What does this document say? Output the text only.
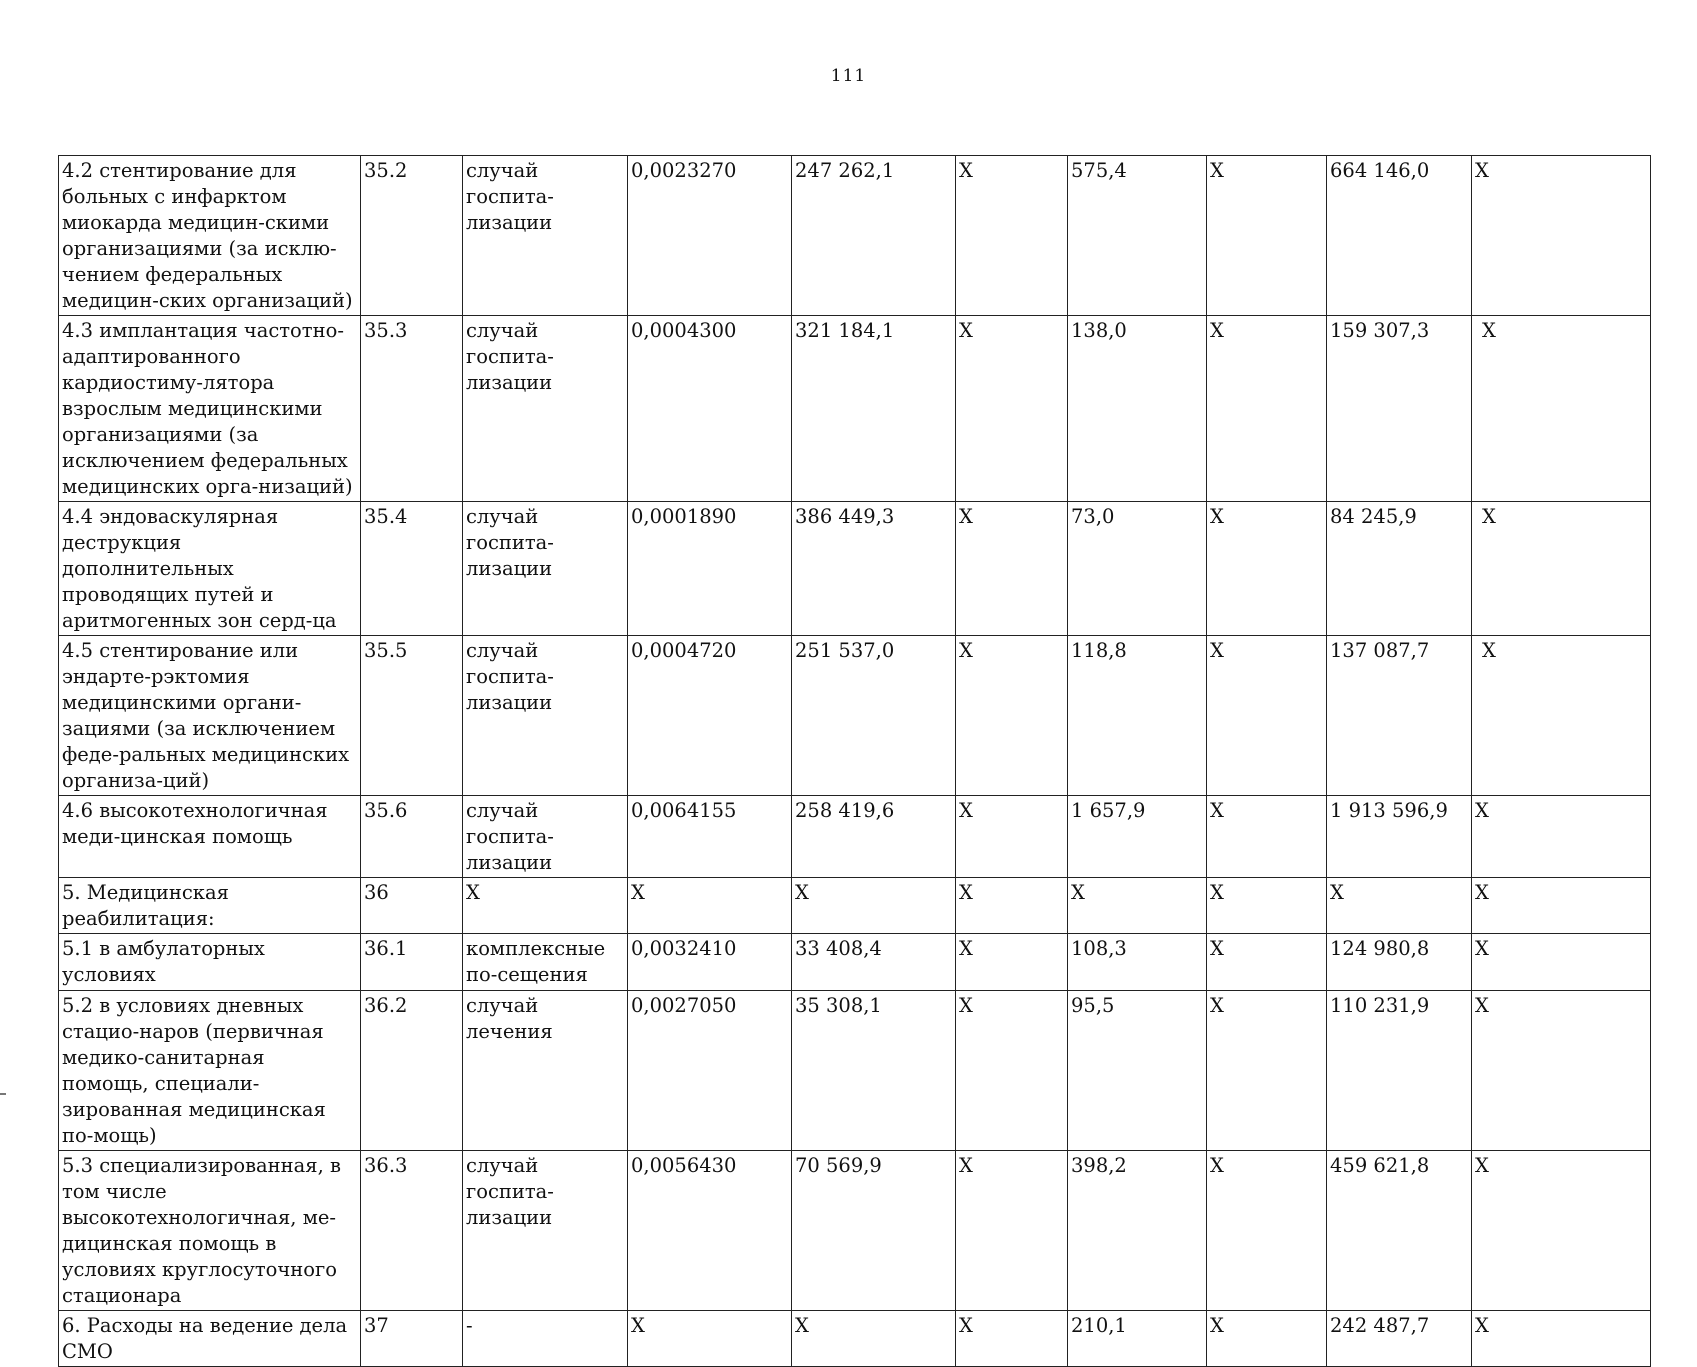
111
4.2 стентирование для больных с инфарктом миокарда медицин-скими организациями (за исклю-чением федеральных медицин-ских организаций)	35.2	случай госпита-лизации	0,0023270	247 262,1	X	575,4	X	664 146,0	X
4.3 имплантация частотно-адаптированного кардиостиму-лятора взрослым медицинскими организациями (за исключением федеральных медицинских орга-низаций)	35.3	случай госпита-лизации	0,0004300	321 184,1	X	138,0	X	159 307,3	X
4.4 эндоваскулярная деструкция дополнительных проводящих путей и аритмогенных зон серд-ца	35.4	случай госпита-лизации	0,0001890	386 449,3	X	73,0	X	84 245,9	X
4.5 стентирование или эндарте-рэктомия медицинскими органи-зациями (за исключением феде-ральных медицинских организа-ций)	35.5	случай госпита-лизации	0,0004720	251 537,0	X	118,8	X	137 087,7	X
4.6 высокотехнологичная меди-цинская помощь	35.6	случай госпита-лизации	0,0064155	258 419,6	X	1 657,9	X	1 913 596,9	X
5. Медицинская реабилитация:	36	X	X	X	X	X	X	X	X
5.1 в амбулаторных условиях	36.1	комплексные по-сещения	0,0032410	33 408,4	X	108,3	X	124 980,8	X
5.2 в условиях дневных стацио-наров (первичная медико-санитарная помощь, специали-зированная медицинская по-мощь)	36.2	случай лечения	0,0027050	35 308,1	X	95,5	X	110 231,9	X
5.3 специализированная, в том числе высокотехнологичная, ме-дицинская помощь в условиях круглосуточного стационара	36.3	случай госпита-лизации	0,0056430	70 569,9	X	398,2	X	459 621,8	X
6. Расходы на ведение дела СМО	37	-	X	X	X	210,1	X	242 487,7	X
